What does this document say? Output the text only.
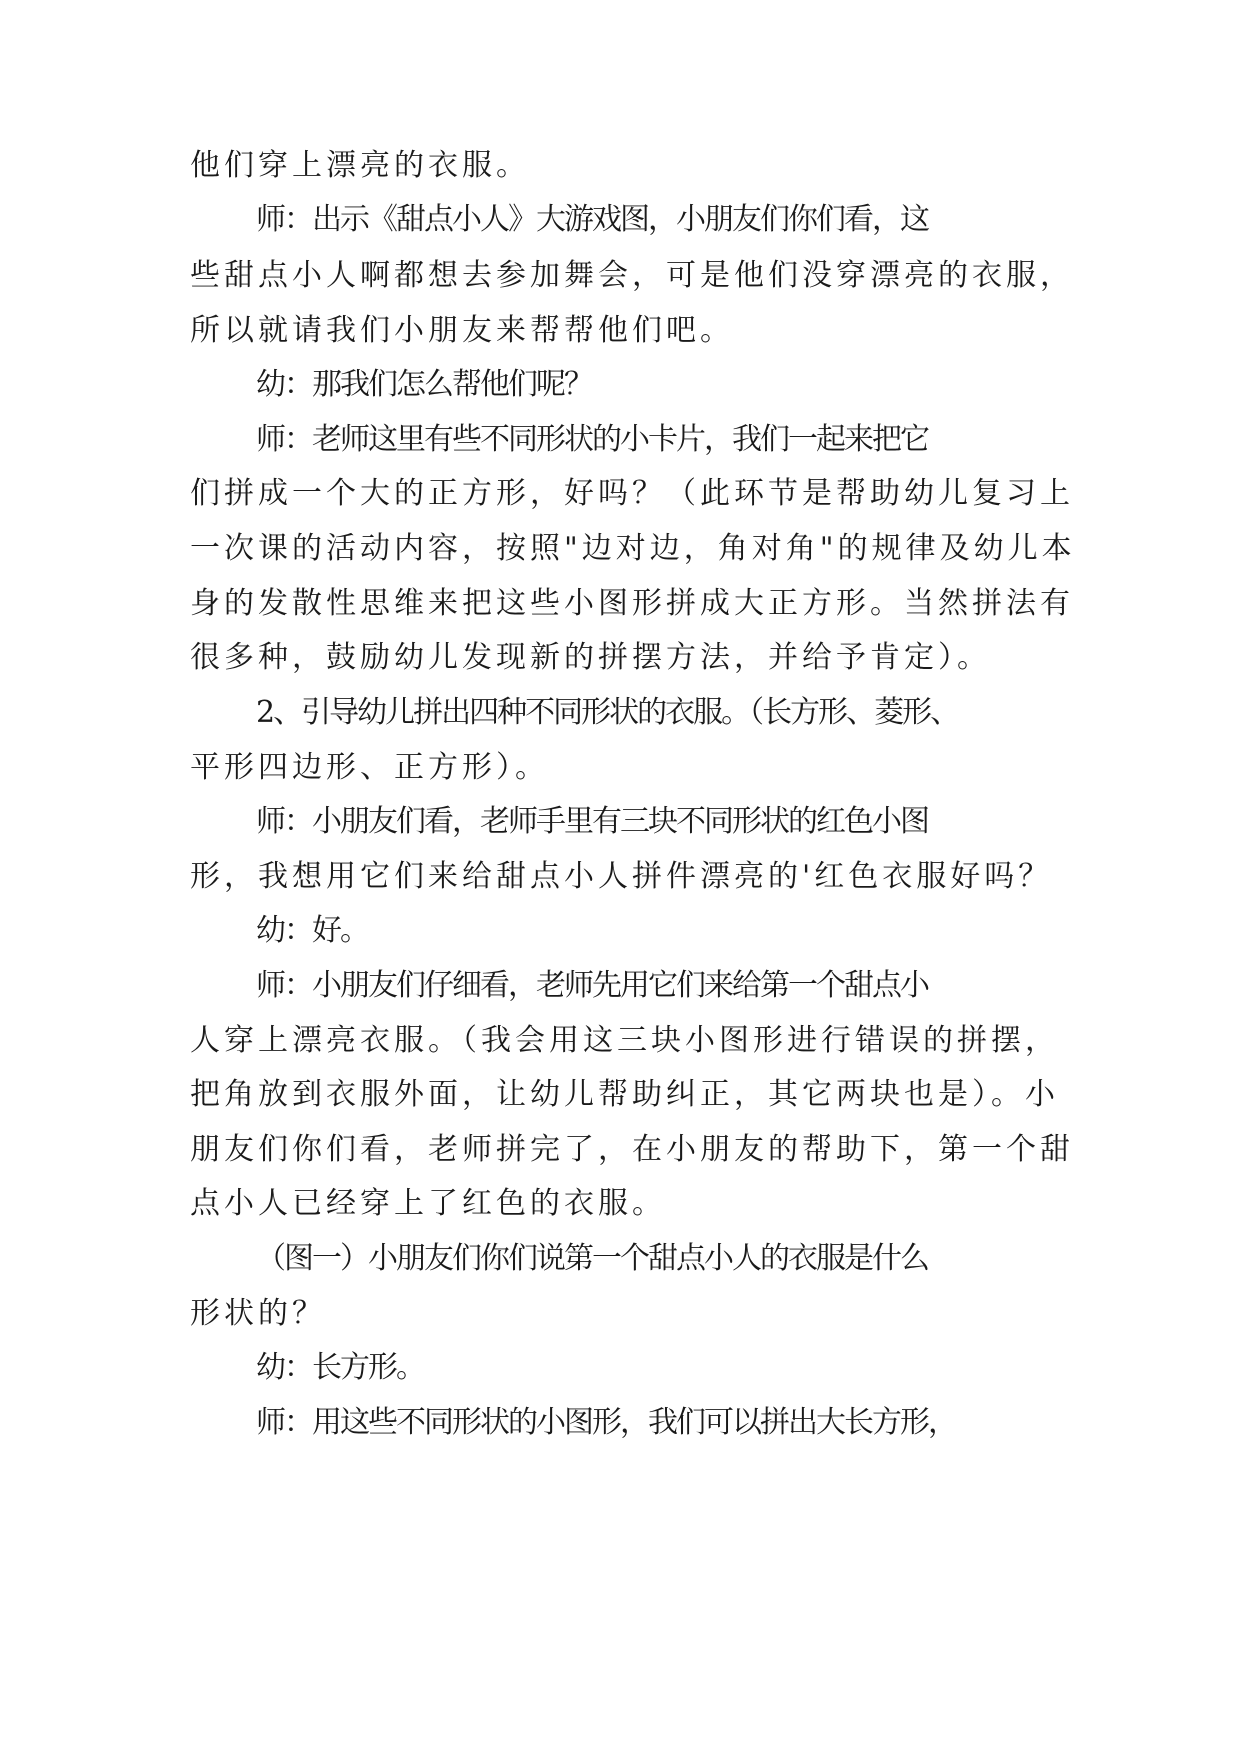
他们穿上漂亮的衣服。
师：出示《甜点小人》大游戏图，小朋友们你们看，这
些甜点小人啊都想去参加舞会，可是他们没穿漂亮的衣服，
所以就请我们小朋友来帮帮他们吧。
幼：那我们怎么帮他们呢？
师：老师这里有些不同形状的小卡片，我们一起来把它
们拼成一个大的正方形，好吗？（此环节是帮助幼儿复习上
一次课的活动内容，按照"边对边，角对角"的规律及幼儿本
身的发散性思维来把这些小图形拼成大正方形。当然拼法有
很多种，鼓励幼儿发现新的拼摆方法，并给予肯定）。
2、引导幼儿拼出四种不同形状的衣服。（长方形、菱形、
平形四边形、正方形）。
师：小朋友们看，老师手里有三块不同形状的红色小图
形，我想用它们来给甜点小人拼件漂亮的'红色衣服好吗？
幼：好。
师：小朋友们仔细看，老师先用它们来给第一个甜点小
人穿上漂亮衣服。（我会用这三块小图形进行错误的拼摆，
把角放到衣服外面，让幼儿帮助纠正，其它两块也是）。小
朋友们你们看，老师拼完了，在小朋友的帮助下，第一个甜
点小人已经穿上了红色的衣服。
（图一）小朋友们你们说第一个甜点小人的衣服是什么
形状的？
幼：长方形。
师：用这些不同形状的小图形，我们可以拼出大长方形，
